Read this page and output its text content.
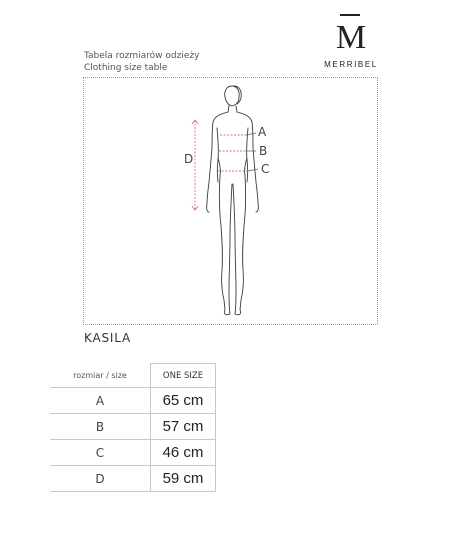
M
MERRIBEL
Tabela rozmiarów odzieży
Clothing size table
A
B
C
D
KASILA
rozmiar / size	ONE SIZE
A	65 cm
B	57 cm
C	46 cm
D	59 cm
